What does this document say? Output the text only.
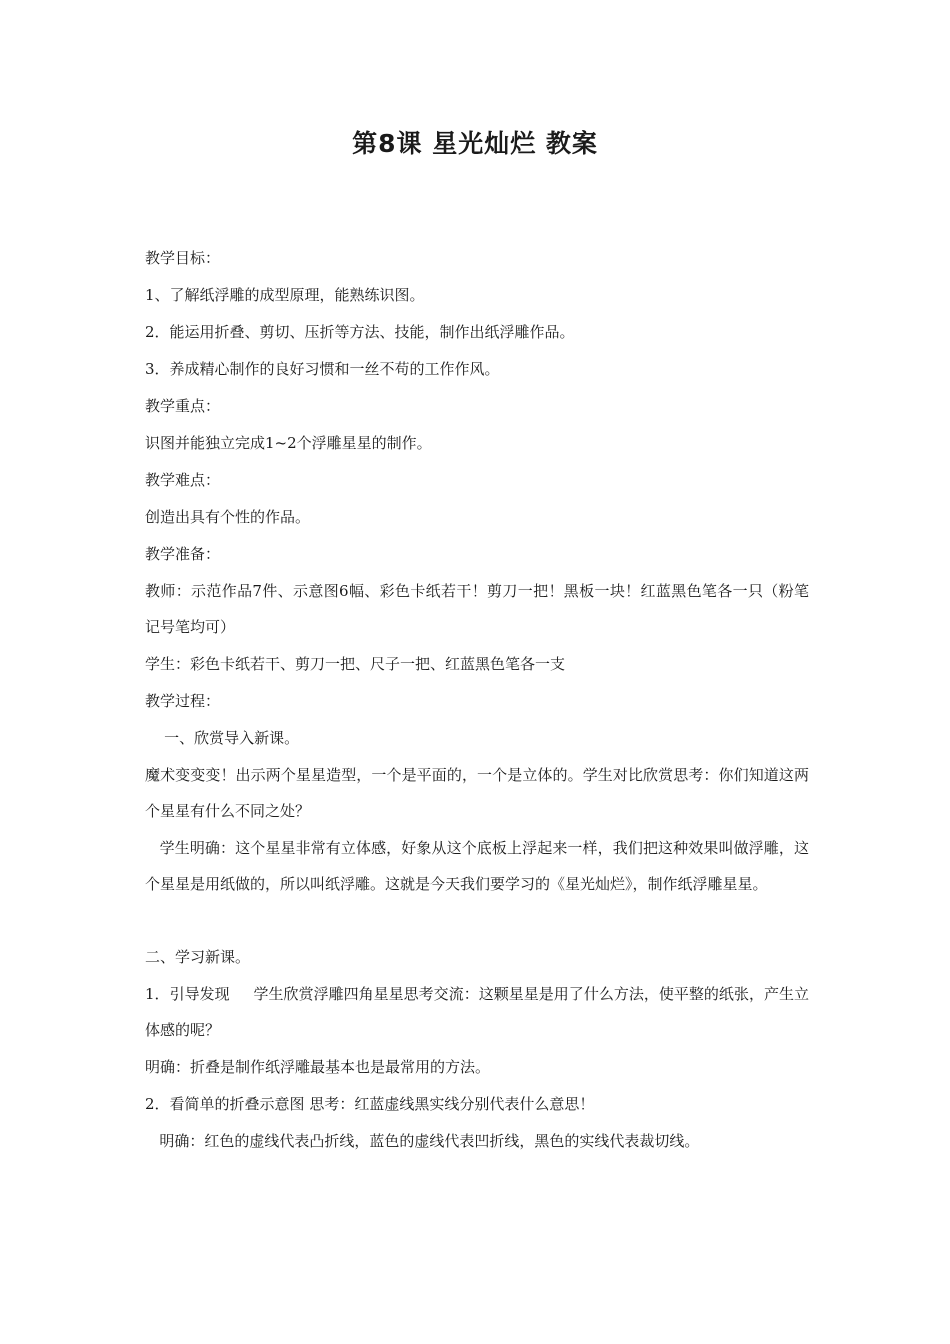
第8课 星光灿烂 教案

教学目标：

1、了解纸浮雕的成型原理，能熟练识图。

2．能运用折叠、剪切、压折等方法、技能，制作出纸浮雕作品。

3．养成精心制作的良好习惯和一丝不苟的工作作风。

教学重点：

识图并能独立完成1~2个浮雕星星的制作。

教学难点：

创造出具有个性的作品。

教学准备：

教师：示范作品7件、示意图6幅、彩色卡纸若干！剪刀一把！黑板一块！红蓝黑色笔各一只（粉笔记号笔均可）

学生：彩色卡纸若干、剪刀一把、尺子一把、红蓝黑色笔各一支

教学过程：

一、欣赏导入新课。

魔术变变变！出示两个星星造型，一个是平面的，一个是立体的。学生对比欣赏思考：你们知道这两个星星有什么不同之处？

学生明确：这个星星非常有立体感，好象从这个底板上浮起来一样，我们把这种效果叫做浮雕，这个星星是用纸做的，所以叫纸浮雕。这就是今天我们要学习的《星光灿烂》，制作纸浮雕星星。

二、学习新课。

1．引导发现     学生欣赏浮雕四角星星思考交流：这颗星星是用了什么方法，使平整的纸张，产生立体感的呢？

明确：折叠是制作纸浮雕最基本也是最常用的方法。

2．看简单的折叠示意图 思考：红蓝虚线黑实线分别代表什么意思！

明确：红色的虚线代表凸折线，蓝色的虚线代表凹折线，黑色的实线代表裁切线。
